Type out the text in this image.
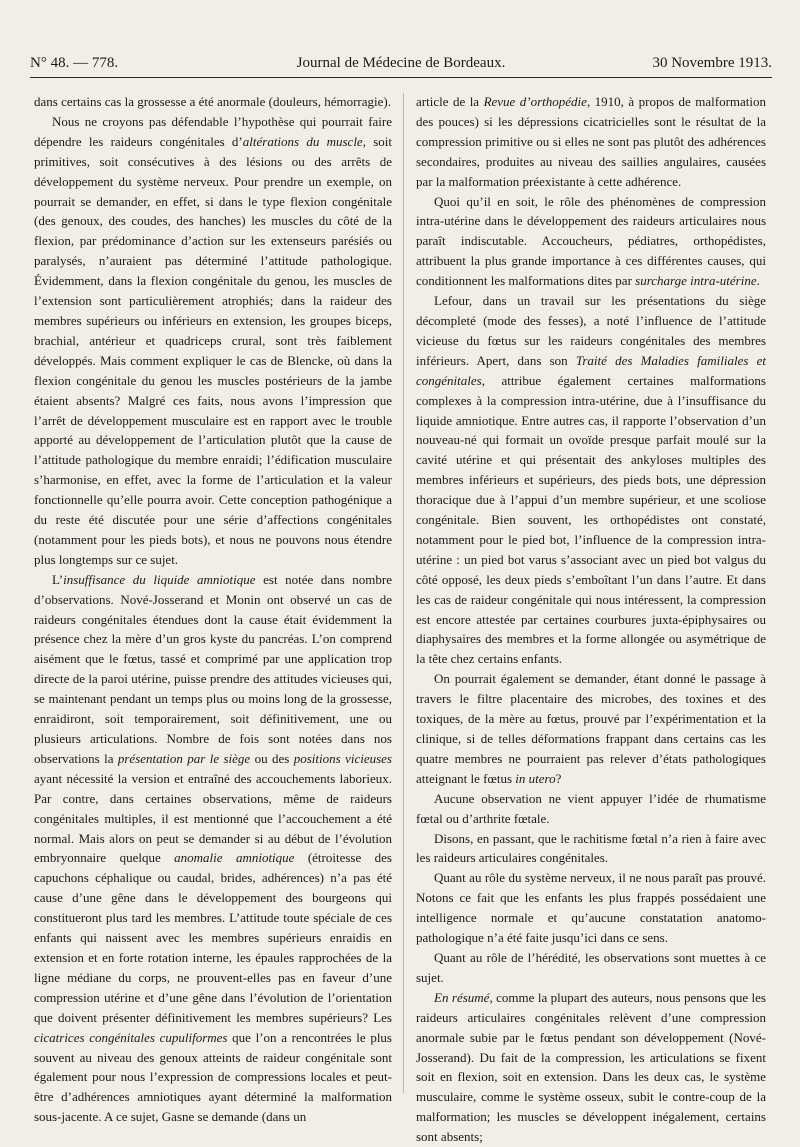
N° 48. — 778.	Journal de Médecine de Bordeaux.	30 Novembre 1913.

dans certains cas la grossesse a été anormale (douleurs, hémorragie).

Nous ne croyons pas défendable l’hypothèse qui pourrait faire dépendre les raideurs congénitales d’altérations du muscle, soit primitives, soit consécutives à des lésions ou des arrêts de développement du système nerveux. Pour prendre un exemple, on pourrait se demander, en effet, si dans le type flexion congénitale (des genoux, des coudes, des hanches) les muscles du côté de la flexion, par prédominance d’action sur les extenseurs parésiés ou paralysés, n’auraient pas déterminé l’attitude pathologique. Évidemment, dans la flexion congénitale du genou, les muscles de l’extension sont particulièrement atrophiés; dans la raideur des membres supérieurs ou inférieurs en extension, les groupes biceps, brachial, antérieur et quadriceps crural, sont très faiblement développés. Mais comment expliquer le cas de Blencke, où dans la flexion congénitale du genou les muscles postérieurs de la jambe étaient absents? Malgré ces faits, nous avons l’impression que l’arrêt de développement musculaire est en rapport avec le trouble apporté au développement de l’articulation plutôt que la cause de l’attitude pathologique du membre enraidi; l’édification musculaire s’harmonise, en effet, avec la forme de l’articulation et la valeur fonctionnelle qu’elle pourra avoir. Cette conception pathogénique a du reste été discutée pour une série d’affections congénitales (notamment pour les pieds bots), et nous ne pouvons nous étendre plus longtemps sur ce sujet.

L’insuffisance du liquide amniotique est notée dans nombre d’observations. Nové-Josserand et Monin ont observé un cas de raideurs congénitales étendues dont la cause était évidemment la présence chez la mère d’un gros kyste du pancréas. L’on comprend aisément que le fœtus, tassé et comprimé par une application trop directe de la paroi utérine, puisse prendre des attitudes vicieuses qui, se maintenant pendant un temps plus ou moins long de la grossesse, enraidiront, soit temporairement, soit définitivement, une ou plusieurs articulations. Nombre de fois sont notées dans nos observations la présentation par le siège ou des positions vicieuses ayant nécessité la version et entraîné des accouchements laborieux. Par contre, dans certaines observations, même de raideurs congénitales multiples, il est mentionné que l’accouchement a été normal. Mais alors on peut se demander si au début de l’évolution embryonnaire quelque anomalie amniotique (étroitesse des capuchons céphalique ou caudal, brides, adhérences) n’a pas été cause d’une gêne dans le développement des bourgeons qui constitueront plus tard les membres. L’attitude toute spéciale de ces enfants qui naissent avec les membres supérieurs enraidis en extension et en forte rotation interne, les épaules rapprochées de la ligne médiane du corps, ne prouvent-elles pas en faveur d’une compression utérine et d’une gêne dans l’évolution de l’orientation que doivent présenter définitivement les membres supérieurs? Les cicatrices congénitales cupuliformes que l’on a rencontrées le plus souvent au niveau des genoux atteints de raideur congénitale sont également pour nous l’expression de compressions locales et peut-être d’adhérences amniotiques ayant déterminé la malformation sous-jacente. A ce sujet, Gasne se demande (dans un

article de la Revue d’orthopédie, 1910, à propos de malformation des pouces) si les dépressions cicatricielles sont le résultat de la compression primitive ou si elles ne sont pas plutôt des adhérences secondaires, produites au niveau des saillies angulaires, causées par la malformation préexistante à cette adhérence.

Quoi qu’il en soit, le rôle des phénomènes de compression intra-utérine dans le développement des raideurs articulaires nous paraît indiscutable. Accoucheurs, pédiatres, orthopédistes, attribuent la plus grande importance à ces différentes causes, qui conditionnent les malformations dites par surcharge intra-utérine.

Lefour, dans un travail sur les présentations du siège décompleté (mode des fesses), a noté l’influence de l’attitude vicieuse du fœtus sur les raideurs congénitales des membres inférieurs. Apert, dans son Traité des Maladies familiales et congénitales, attribue également certaines malformations complexes à la compression intra-utérine, due à l’insuffisance du liquide amniotique. Entre autres cas, il rapporte l’observation d’un nouveau-né qui formait un ovoïde presque parfait moulé sur la cavité utérine et qui présentait des ankyloses multiples des membres inférieurs et supérieurs, des pieds bots, une dépression thoracique due à l’appui d’un membre supérieur, et une scoliose congénitale. Bien souvent, les orthopédistes ont constaté, notamment pour le pied bot, l’influence de la compression intra-utérine : un pied bot varus s’associant avec un pied bot valgus du côté opposé, les deux pieds s’emboîtant l’un dans l’autre. Et dans les cas de raideur congénitale qui nous intéressent, la compression est encore attestée par certaines courbures juxta-épiphysaires ou diaphysaires des membres et la forme allongée ou asymétrique de la tête chez certains enfants.

On pourrait également se demander, étant donné le passage à travers le filtre placentaire des microbes, des toxines et des toxiques, de la mère au fœtus, prouvé par l’expérimentation et la clinique, si de telles déformations frappant dans certains cas les quatre membres ne pourraient pas relever d’états pathologiques atteignant le fœtus in utero?

Aucune observation ne vient appuyer l’idée de rhumatisme fœtal ou d’arthrite fœtale.

Disons, en passant, que le rachitisme fœtal n’a rien à faire avec les raideurs articulaires congénitales.

Quant au rôle du système nerveux, il ne nous paraît pas prouvé. Notons ce fait que les enfants les plus frappés possédaient une intelligence normale et qu’aucune constatation anatomo-pathologique n’a été faite jusqu’ici dans ce sens.

Quant au rôle de l’hérédité, les observations sont muettes à ce sujet.

En résumé, comme la plupart des auteurs, nous pensons que les raideurs articulaires congénitales relèvent d’une compression anormale subie par le fœtus pendant son développement (Nové-Josserand). Du fait de la compression, les articulations se fixent soit en flexion, soit en extension. Dans les deux cas, le système musculaire, comme le système osseux, subit le contre-coup de la malformation; les muscles se développent inégalement, certains sont absents;
